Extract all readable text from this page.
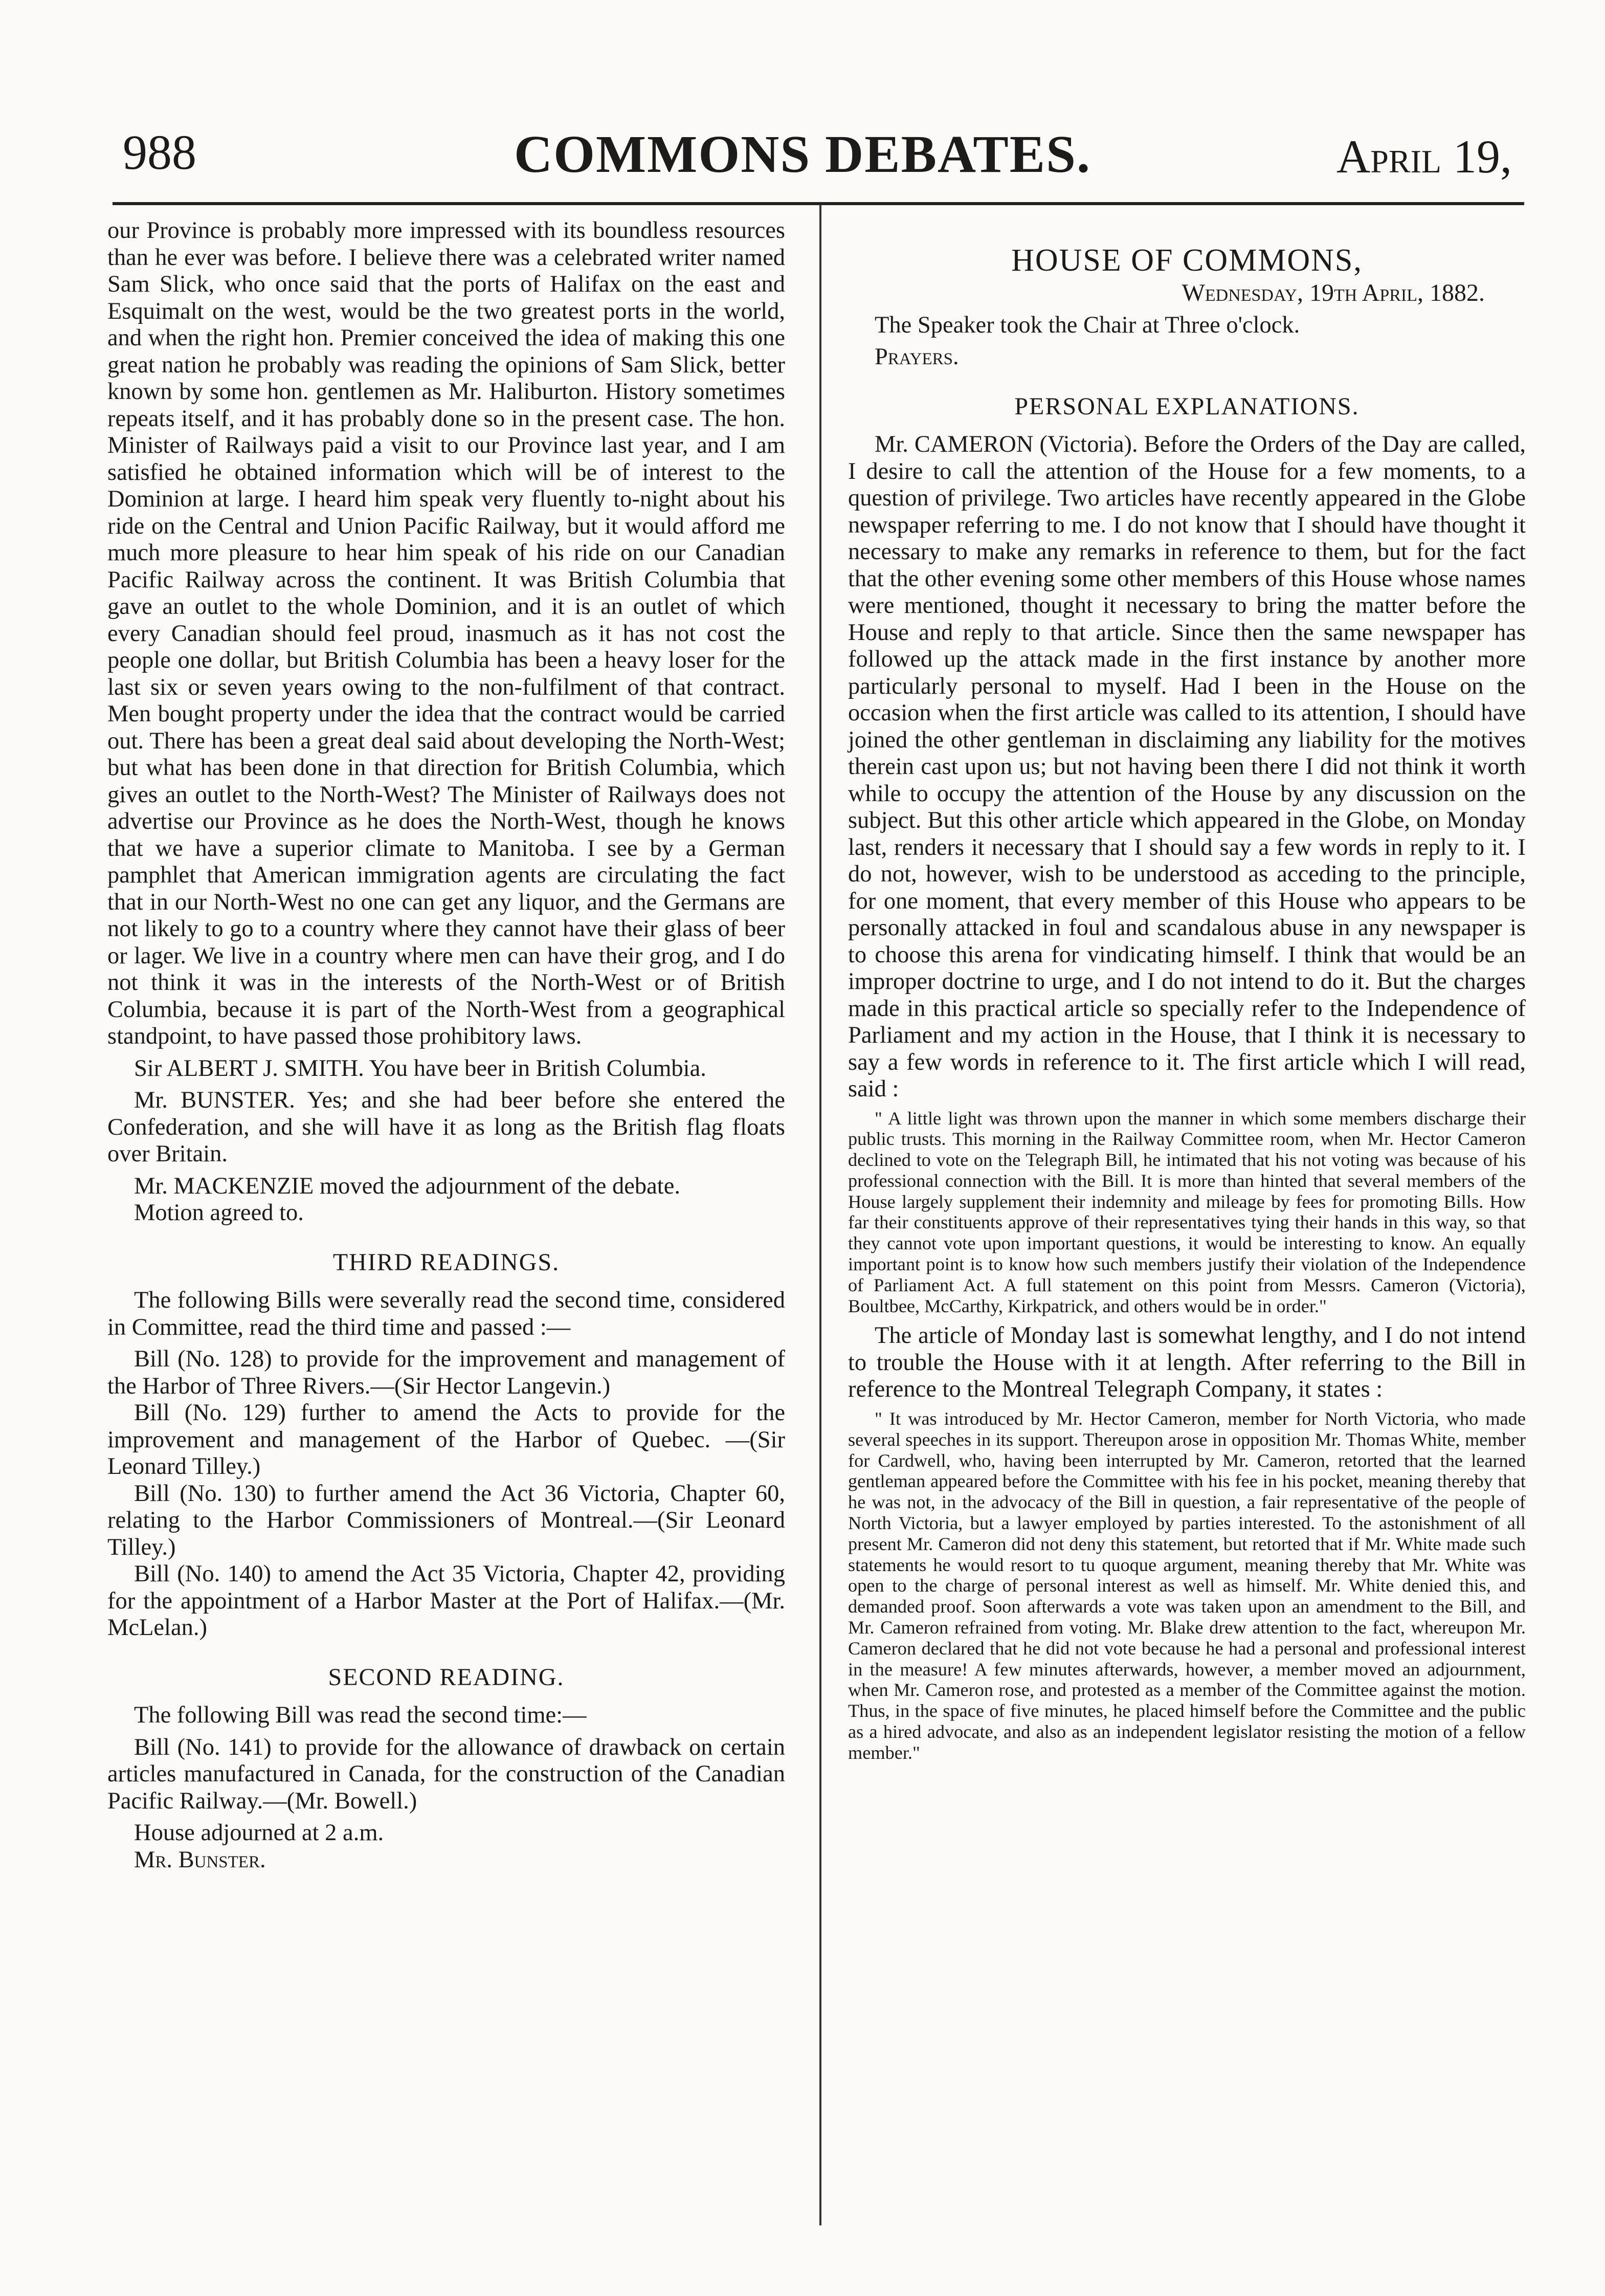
988	COMMONS DEBATES.	April 19,

our Province is probably more impressed with its boundless resources than he ever was before. I believe there was a celebrated writer named Sam Slick, who once said that the ports of Halifax on the east and Esquimalt on the west, would be the two greatest ports in the world, and when the right hon. Premier conceived the idea of making this one great nation he probably was reading the opinions of Sam Slick, better known by some hon. gentlemen as Mr. Haliburton. History sometimes repeats itself, and it has probably done so in the present case. The hon. Minister of Railways paid a visit to our Province last year, and I am satisfied he obtained information which will be of interest to the Dominion at large. I heard him speak very fluently to-night about his ride on the Central and Union Pacific Railway, but it would afford me much more pleasure to hear him speak of his ride on our Canadian Pacific Railway across the continent. It was British Columbia that gave an outlet to the whole Dominion, and it is an outlet of which every Canadian should feel proud, inasmuch as it has not cost the people one dollar, but British Columbia has been a heavy loser for the last six or seven years owing to the non-fulfilment of that contract. Men bought property under the idea that the contract would be carried out. There has been a great deal said about developing the North-West; but what has been done in that direction for British Columbia, which gives an outlet to the North-West? The Minister of Railways does not advertise our Province as he does the North-West, though he knows that we have a superior climate to Manitoba. I see by a German pamphlet that American immigration agents are circulating the fact that in our North-West no one can get any liquor, and the Germans are not likely to go to a country where they cannot have their glass of beer or lager. We live in a country where men can have their grog, and I do not think it was in the interests of the North-West or of British Columbia, because it is part of the North-West from a geographical standpoint, to have passed those prohibitory laws.

Sir ALBERT J. SMITH. You have beer in British Columbia.

Mr. BUNSTER. Yes; and she had beer before she entered the Confederation, and she will have it as long as the British flag floats over Britain.

Mr. MACKENZIE moved the adjournment of the debate.

Motion agreed to.

THIRD READINGS.

The following Bills were severally read the second time, considered in Committee, read the third time and passed :—

Bill (No. 128) to provide for the improvement and management of the Harbor of Three Rivers.—(Sir Hector Langevin.)

Bill (No. 129) further to amend the Acts to provide for the improvement and management of the Harbor of Quebec. —(Sir Leonard Tilley.)

Bill (No. 130) to further amend the Act 36 Victoria, Chapter 60, relating to the Harbor Commissioners of Montreal.—(Sir Leonard Tilley.)

Bill (No. 140) to amend the Act 35 Victoria, Chapter 42, providing for the appointment of a Harbor Master at the Port of Halifax.—(Mr. McLelan.)

SECOND READING.

The following Bill was read the second time:—

Bill (No. 141) to provide for the allowance of drawback on certain articles manufactured in Canada, for the construction of the Canadian Pacific Railway.—(Mr. Bowell.)

House adjourned at 2 a.m.

Mr. Bunster.

HOUSE OF COMMONS,

Wednesday, 19th April, 1882.

The Speaker took the Chair at Three o'clock.

Prayers.

PERSONAL EXPLANATIONS.

Mr. CAMERON (Victoria). Before the Orders of the Day are called, I desire to call the attention of the House for a few moments, to a question of privilege. Two articles have recently appeared in the Globe newspaper referring to me. I do not know that I should have thought it necessary to make any remarks in reference to them, but for the fact that the other evening some other members of this House whose names were mentioned, thought it necessary to bring the matter before the House and reply to that article. Since then the same newspaper has followed up the attack made in the first instance by another more particularly personal to myself. Had I been in the House on the occasion when the first article was called to its attention, I should have joined the other gentleman in disclaiming any liability for the motives therein cast upon us; but not having been there I did not think it worth while to occupy the attention of the House by any discussion on the subject. But this other article which appeared in the Globe, on Monday last, renders it necessary that I should say a few words in reply to it. I do not, however, wish to be understood as acceding to the principle, for one moment, that every member of this House who appears to be personally attacked in foul and scandalous abuse in any newspaper is to choose this arena for vindicating himself. I think that would be an improper doctrine to urge, and I do not intend to do it. But the charges made in this practical article so specially refer to the Independence of Parliament and my action in the House, that I think it is necessary to say a few words in reference to it. The first article which I will read, said :

" A little light was thrown upon the manner in which some members discharge their public trusts. This morning in the Railway Committee room, when Mr. Hector Cameron declined to vote on the Telegraph Bill, he intimated that his not voting was because of his professional connection with the Bill. It is more than hinted that several members of the House largely supplement their indemnity and mileage by fees for promoting Bills. How far their constituents approve of their representatives tying their hands in this way, so that they cannot vote upon important questions, it would be interesting to know. An equally important point is to know how such members justify their violation of the Independence of Parliament Act. A full statement on this point from Messrs. Cameron (Victoria), Boultbee, McCarthy, Kirkpatrick, and others would be in order."

The article of Monday last is somewhat lengthy, and I do not intend to trouble the House with it at length. After referring to the Bill in reference to the Montreal Telegraph Company, it states :

" It was introduced by Mr. Hector Cameron, member for North Victoria, who made several speeches in its support. Thereupon arose in opposition Mr. Thomas White, member for Cardwell, who, having been interrupted by Mr. Cameron, retorted that the learned gentleman appeared before the Committee with his fee in his pocket, meaning thereby that he was not, in the advocacy of the Bill in question, a fair representative of the people of North Victoria, but a lawyer employed by parties interested. To the astonishment of all present Mr. Cameron did not deny this statement, but retorted that if Mr. White made such statements he would resort to tu quoque argument, meaning thereby that Mr. White was open to the charge of personal interest as well as himself. Mr. White denied this, and demanded proof. Soon afterwards a vote was taken upon an amendment to the Bill, and Mr. Cameron refrained from voting. Mr. Blake drew attention to the fact, whereupon Mr. Cameron declared that he did not vote because he had a personal and professional interest in the measure! A few minutes afterwards, however, a member moved an adjournment, when Mr. Cameron rose, and protested as a member of the Committee against the motion. Thus, in the space of five minutes, he placed himself before the Committee and the public as a hired advocate, and also as an independent legislator resisting the motion of a fellow member."
